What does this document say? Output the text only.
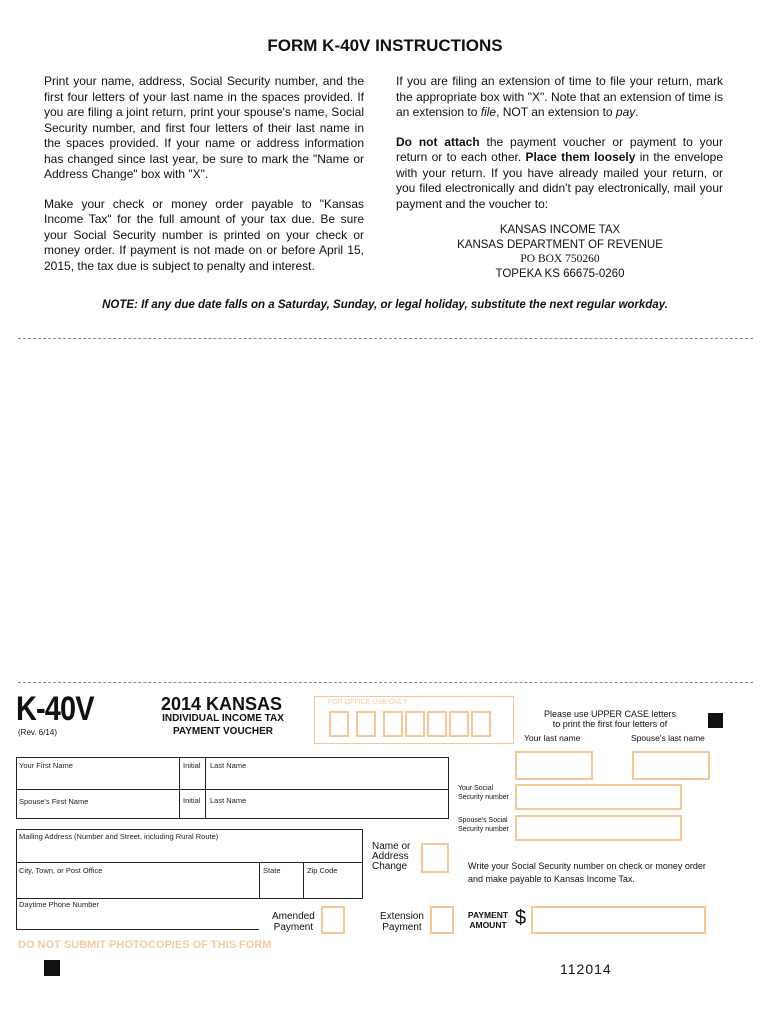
FORM K-40V INSTRUCTIONS

Print your name, address, Social Security number, and the first four letters of your last name in the spaces provided. If you are filing a joint return, print your spouse's name, Social Security number, and first four letters of their last name in the spaces provided. If your name or address information has changed since last year, be sure to mark the "Name or Address Change" box with "X".

Make your check or money order payable to "Kansas Income Tax" for the full amount of your tax due. Be sure your Social Security number is printed on your check or money order. If payment is not made on or before April 15, 2015, the tax due is subject to penalty and interest.

If you are filing an extension of time to file your return, mark the appropriate box with "X". Note that an extension of time is an extension to file, NOT an extension to pay.

Do not attach the payment voucher or payment to your return or to each other. Place them loosely in the envelope with your return. If you have already mailed your return, or you filed electronically and didn't pay electronically, mail your payment and the voucher to:

KANSAS INCOME TAX
KANSAS DEPARTMENT OF REVENUE
PO BOX 750260
TOPEKA KS 66675-0260
NOTE: If any due date falls on a Saturday, Sunday, or legal holiday, substitute the next regular workday.
K-40V
(Rev. 6/14)
2014 KANSAS
INDIVIDUAL INCOME TAX
PAYMENT VOUCHER
FOR OFFICE USE ONLY
Please use UPPER CASE letters
to print the first four letters of
Your last name	Spouse's last name
Your First Name	Initial Last Name
Spouse's First Name	Initial Last Name
Your Social
Security number
Spouse's Social
Security number
Mailing Address (Number and Street, including Rural Route)
City, Town, or Post Office	State	Zip Code
Name or
Address
Change	Write your Social Security number on check or money order
and make payable to Kansas Income Tax.
Daytime Phone Number
Amended
Payment
Extension
Payment
PAYMENT
AMOUNT $
DO NOT SUBMIT PHOTOCOPIES OF THIS FORM
112014
